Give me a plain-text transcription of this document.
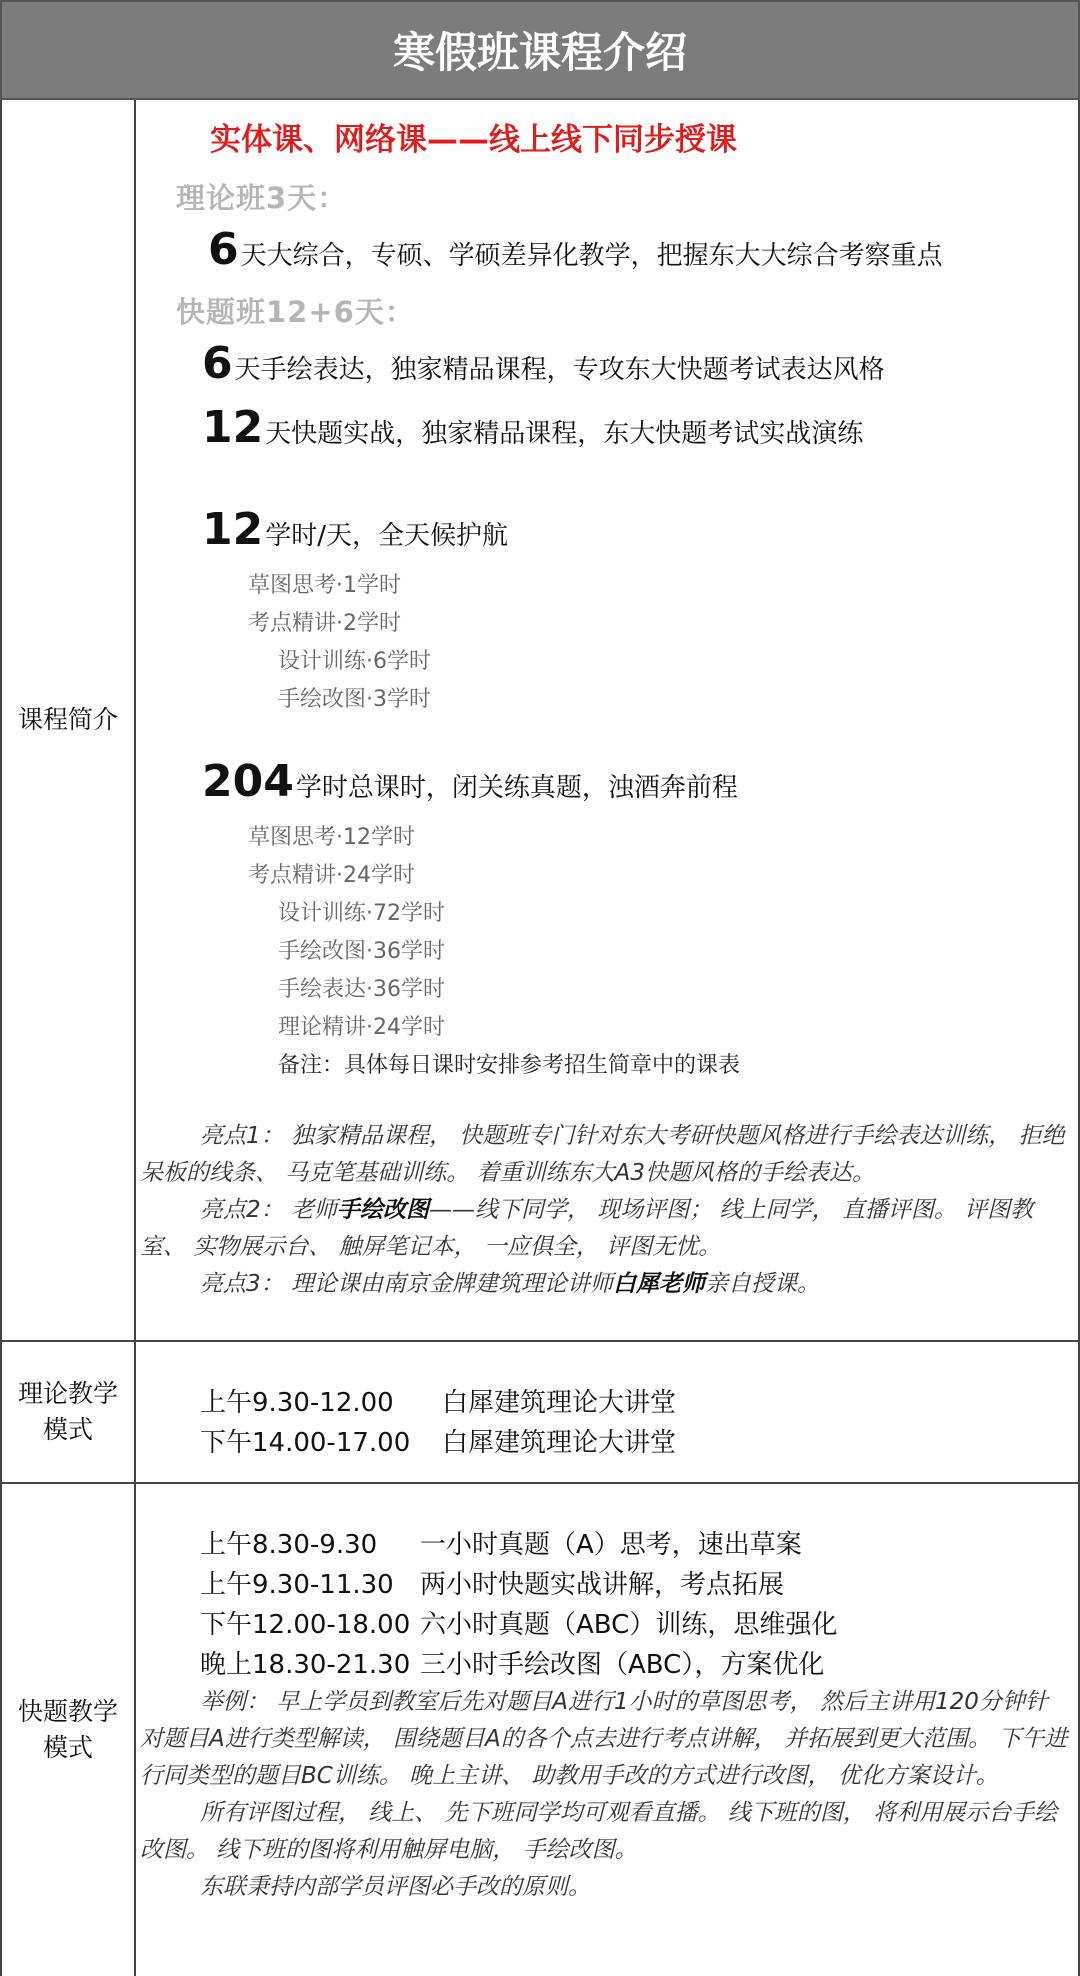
寒假班课程介绍
课程简介
实体课、网络课——线上线下同步授课
理论班3天：
6 天大综合，专硕、学硕差异化教学，把握东大大综合考察重点
快题班12+6天：
6 天手绘表达，独家精品课程，专攻东大快题考试表达风格
12 天快题实战，独家精品课程，东大快题考试实战演练
12 学时/天，全天候护航
草图思考·1学时
考点精讲·2学时
设计训练·6学时
手绘改图·3学时
204 学时总课时，闭关练真题，浊酒奔前程
草图思考·12学时
考点精讲·24学时
设计训练·72学时
手绘改图·36学时
手绘表达·36学时
理论精讲·24学时
备注：具体每日课时安排参考招生简章中的课表
亮点1： 独家精品课程， 快题班专门针对东大考研快题风格进行手绘表达训练， 拒绝呆板的线条、 马克笔基础训练。 着重训练东大A3快题风格的手绘表达。
亮点2： 老师手绘改图——线下同学， 现场评图； 线上同学， 直播评图。 评图教室、 实物展示台、 触屏笔记本， 一应俱全， 评图无忧。
亮点3： 理论课由南京金牌建筑理论讲师白犀老师亲自授课。
理论教学模式
上午9.30-12.00 白犀建筑理论大讲堂
下午14.00-17.00 白犀建筑理论大讲堂
快题教学模式
上午8.30-9.30 一小时真题（A）思考，速出草案
上午9.30-11.30 两小时快题实战讲解，考点拓展
下午12.00-18.00 六小时真题（ABC）训练，思维强化
晚上18.30-21.30 三小时手绘改图（ABC），方案优化
举例： 早上学员到教室后先对题目A进行1小时的草图思考， 然后主讲用120分钟针对题目A进行类型解读， 围绕题目A的各个点去进行考点讲解， 并拓展到更大范围。 下午进行同类型的题目BC训练。 晚上主讲、 助教用手改的方式进行改图， 优化方案设计。
所有评图过程， 线上、 先下班同学均可观看直播。 线下班的图， 将利用展示台手绘改图。 线下班的图将利用触屏电脑， 手绘改图。
东联秉持内部学员评图必手改的原则。
